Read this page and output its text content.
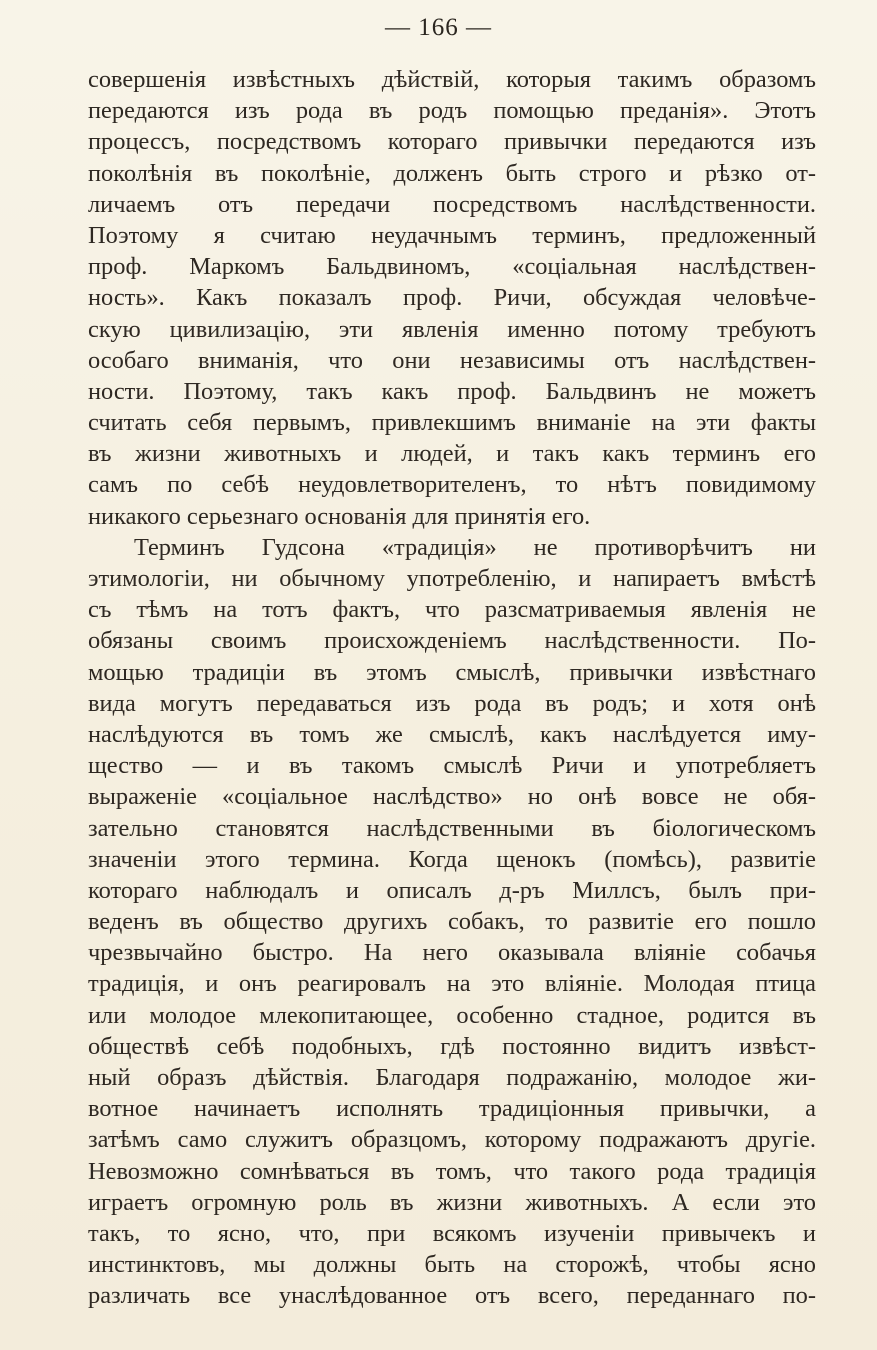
— 166 —
совершенія извѣстныхъ дѣйствій, которыя такимъ образомъ
передаются изъ рода въ родъ помощью преданія». Этотъ
процессъ, посредствомъ котораго привычки передаются изъ
поколѣнія въ поколѣніе, долженъ быть строго и рѣзко от-
личаемъ отъ передачи посредствомъ наслѣдственности.
Поэтому я считаю неудачнымъ терминъ, предложенный
проф. Маркомъ Бальдвиномъ, «соціальная наслѣдствен-
ность». Какъ показалъ проф. Ричи, обсуждая человѣче-
скую цивилизацію, эти явленія именно потому требуютъ
особаго вниманія, что они независимы отъ наслѣдствен-
ности. Поэтому, такъ какъ проф. Бальдвинъ не можетъ
считать себя первымъ, привлекшимъ вниманіе на эти факты
въ жизни животныхъ и людей, и такъ какъ терминъ его
самъ по себѣ неудовлетворителенъ, то нѣтъ повидимому
никакого серьезнаго основанія для принятія его.
Терминъ Гудсона «традиція» не противорѣчитъ ни
этимологіи, ни обычному употребленію, и напираетъ вмѣстѣ
съ тѣмъ на тотъ фактъ, что разсматриваемыя явленія не
обязаны своимъ происхожденіемъ наслѣдственности. По-
мощью традиціи въ этомъ смыслѣ, привычки извѣстнаго
вида могутъ передаваться изъ рода въ родъ; и хотя онѣ
наслѣдуются въ томъ же смыслѣ, какъ наслѣдуется иму-
щество — и въ такомъ смыслѣ Ричи и употребляетъ
выраженіе «соціальное наслѣдство» но онѣ вовсе не обя-
зательно становятся наслѣдственными въ біологическомъ
значеніи этого термина. Когда щенокъ (помѣсь), развитіе
котораго наблюдалъ и описалъ д-ръ Миллсъ, былъ при-
веденъ въ общество другихъ собакъ, то развитіе его пошло
чрезвычайно быстро. На него оказывала вліяніе собачья
традиція, и онъ реагировалъ на это вліяніе. Молодая птица
или молодое млекопитающее, особенно стадное, родится въ
обществѣ себѣ подобныхъ, гдѣ постоянно видитъ извѣст-
ный образъ дѣйствія. Благодаря подражанію, молодое жи-
вотное начинаетъ исполнять традиціонныя привычки, а
затѣмъ само служитъ образцомъ, которому подражаютъ другіе.
Невозможно сомнѣваться въ томъ, что такого рода традиція
играетъ огромную роль въ жизни животныхъ. А если это
такъ, то ясно, что, при всякомъ изученіи привычекъ и
инстинктовъ, мы должны быть на сторожѣ, чтобы ясно
различать все унаслѣдованное отъ всего, переданнаго по-
